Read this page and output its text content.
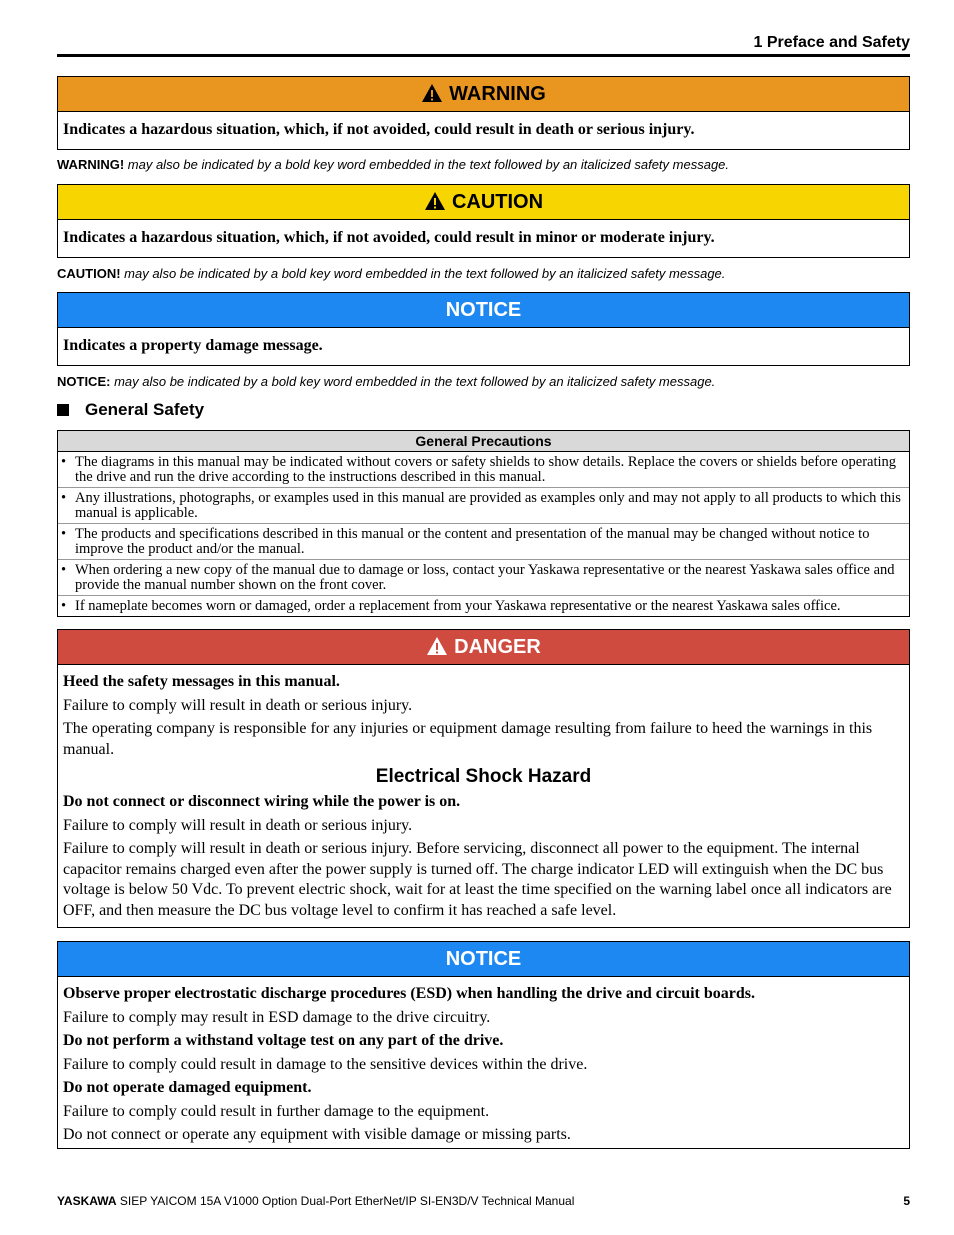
1 Preface and Safety
WARNING

Indicates a hazardous situation, which, if not avoided, could result in death or serious injury.

WARNING! may also be indicated by a bold key word embedded in the text followed by an italicized safety message.
CAUTION

Indicates a hazardous situation, which, if not avoided, could result in minor or moderate injury.

CAUTION! may also be indicated by a bold key word embedded in the text followed by an italicized safety message.
NOTICE

Indicates a property damage message.

NOTICE: may also be indicated by a bold key word embedded in the text followed by an italicized safety message.
General Safety
General Precautions
• The diagrams in this manual may be indicated without covers or safety shields to show details. Replace the covers or shields before operating the drive and run the drive according to the instructions described in this manual.
• Any illustrations, photographs, or examples used in this manual are provided as examples only and may not apply to all products to which this manual is applicable.
• The products and specifications described in this manual or the content and presentation of the manual may be changed without notice to improve the product and/or the manual.
• When ordering a new copy of the manual due to damage or loss, contact your Yaskawa representative or the nearest Yaskawa sales office and provide the manual number shown on the front cover.
• If nameplate becomes worn or damaged, order a replacement from your Yaskawa representative or the nearest Yaskawa sales office.
DANGER

Heed the safety messages in this manual.

Failure to comply will result in death or serious injury.

The operating company is responsible for any injuries or equipment damage resulting from failure to heed the warnings in this manual.

Electrical Shock Hazard

Do not connect or disconnect wiring while the power is on.

Failure to comply will result in death or serious injury.

Failure to comply will result in death or serious injury. Before servicing, disconnect all power to the equipment. The internal capacitor remains charged even after the power supply is turned off. The charge indicator LED will extinguish when the DC bus voltage is below 50 Vdc. To prevent electric shock, wait for at least the time specified on the warning label once all indicators are OFF, and then measure the DC bus voltage level to confirm it has reached a safe level.

NOTICE

Observe proper electrostatic discharge procedures (ESD) when handling the drive and circuit boards.

Failure to comply may result in ESD damage to the drive circuitry.

Do not perform a withstand voltage test on any part of the drive.

Failure to comply could result in damage to the sensitive devices within the drive.

Do not operate damaged equipment.

Failure to comply could result in further damage to the equipment.

Do not connect or operate any equipment with visible damage or missing parts.

YASKAWA SIEP YAICOM 15A V1000 Option Dual-Port EtherNet/IP SI-EN3D/V Technical Manual	5
